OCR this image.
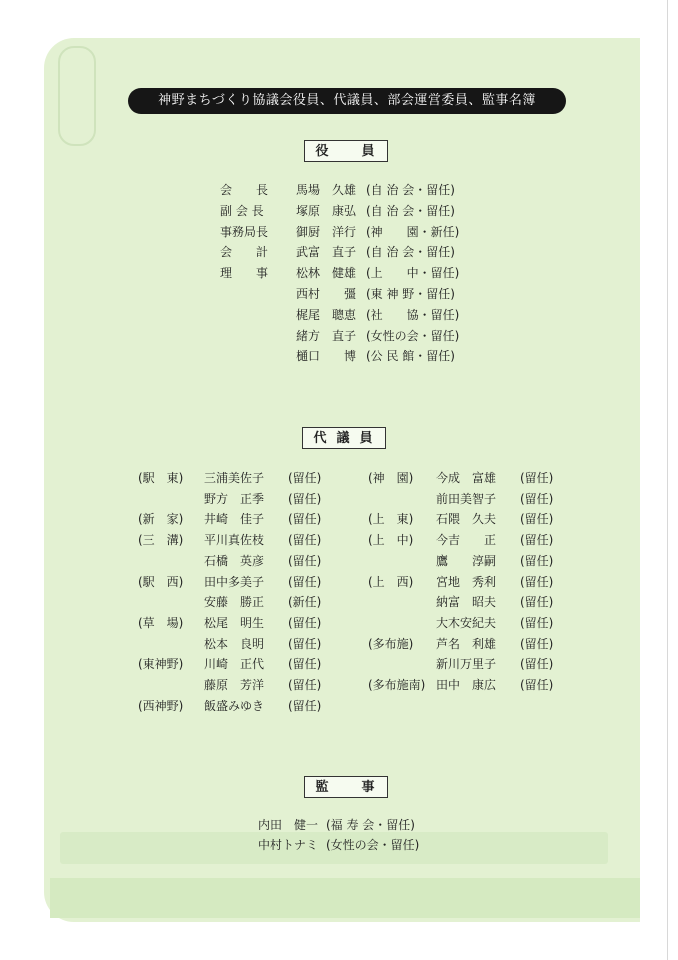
神野まちづくり協議会役員、代議員、部会運営委員、監事名簿
役　員
会　　長 馬場　久雄 (自 治 会・留任)
副 会 長	塚原　康弘 (自 治 会・留任)
事務局長 御厨　洋行 (神　　園・新任)
会　　計 武富　直子 (自 治 会・留任)
理　　事 松林　健雄 (上　　中・留任)
西村　　彊 (東 神 野・留任)
梶尾　聰恵 (社　　協・留任)
緒方　直子 (女性の会・留任)
樋口　　博 (公 民 館・留任)
代議員
(駅　東) 三浦美佐子 (留任)
野方　正季 (留任)
(新　家) 井崎　佳子 (留任)
(三　溝) 平川真佐枝 (留任)
石橋　英彦 (留任)
(駅　西) 田中多美子 (留任)
安藤　勝正 (新任)
(草　場) 松尾　明生 (留任)
松本　良明 (留任)
(東神野) 川崎　正代 (留任)
藤原　芳洋 (留任)
(西神野) 飯盛みゆき (留任)
(神　園) 今成　富雄 (留任)
前田美智子 (留任)
(上　東) 石隈　久夫 (留任)
(上　中) 今吉　　正 (留任)
鷹　　淳嗣 (留任)
(上　西) 宮地　秀利 (留任)
納富　昭夫 (留任)
大木安紀夫 (留任)
(多布施) 芦名　利雄 (留任)
新川万里子 (留任)
(多布施南) 田中　康広 (留任)
監　事
内田　健一 (福 寿 会・留任)
中村トナミ (女性の会・留任)
